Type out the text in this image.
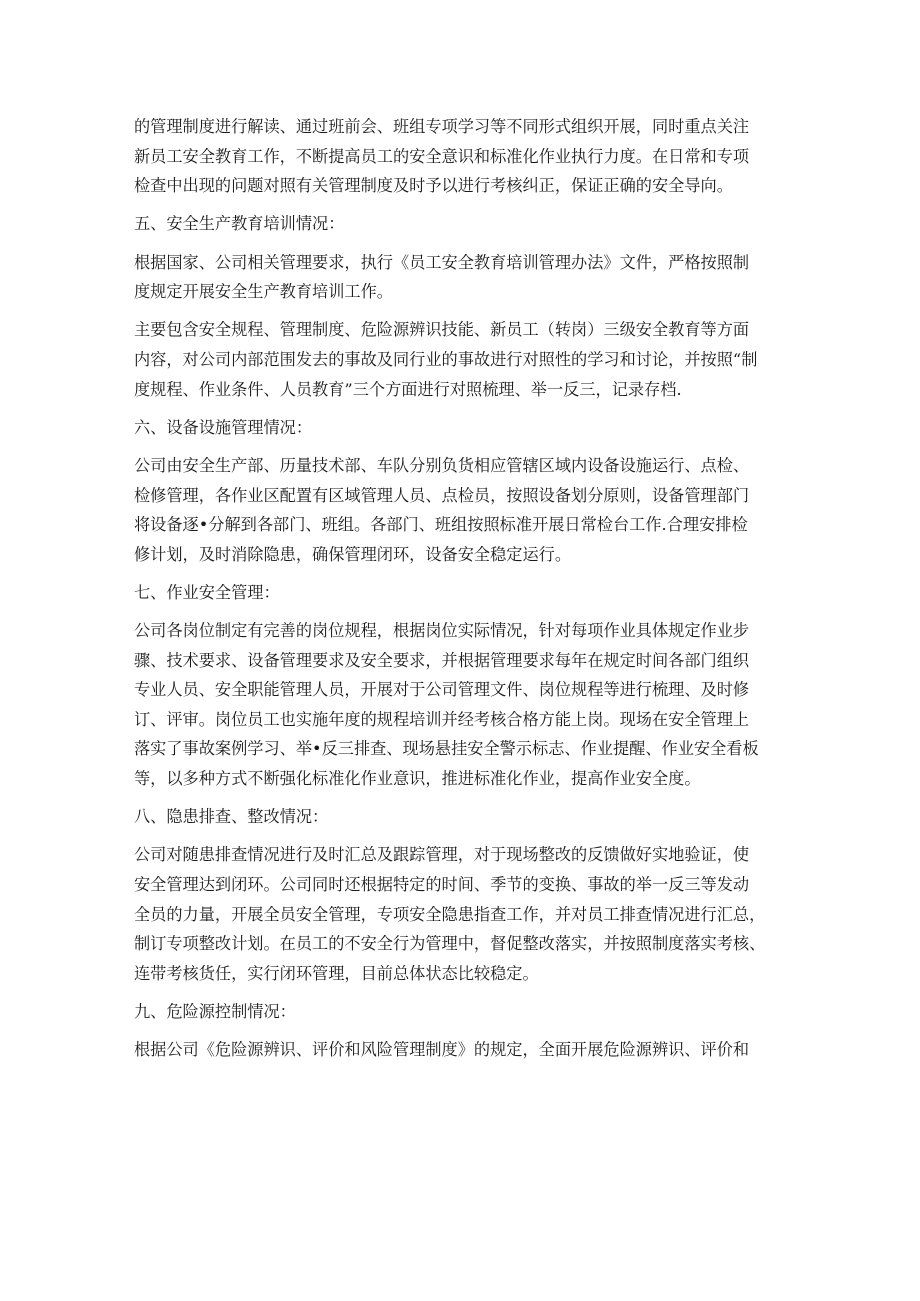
的管理制度进行解读、通过班前会、班组专项学习等不同形式组织开展，同时重点关注
新员工安全教育工作，不断提高员工的安全意识和标准化作业执行力度。在日常和专项
检查中出现的问题对照有关管理制度及时予以进行考核纠正，保证正确的安全导向。
五、安全生产教育培训情况：
根据国家、公司相关管理要求，执行《员工安全教育培训管理办法》文件，严格按照制
度规定开展安全生产教育培训工作。
主要包含安全规程、管理制度、危险源辨识技能、新员工（转岗）三级安全教育等方面
内容，对公司内部范围发去的事故及同行业的事故进行对照性的学习和讨论，并按照“制
度规程、作业条件、人员教育”三个方面进行对照梳理、举一反三，记录存档.
六、设备设施管理情况：
公司由安全生产部、历量技术部、车队分别负货相应管辖区域内设备设施运行、点检、
检修管理，各作业区配置有区域管理人员、点检员，按照设备划分原则，设备管理部门
将设备逐•分解到各部门、班组。各部门、班组按照标准开展日常检台工作.合理安排检
修计划，及时消除隐患，确保管理闭环，设备安全稳定运行。
七、作业安全管理：
公司各岗位制定有完善的岗位规程，根据岗位实际情况，针对每项作业具体规定作业步
骤、技术要求、设备管理要求及安全要求，并根据管理要求每年在规定时间各部门组织
专业人员、安全职能管理人员，开展对于公司管理文件、岗位规程等进行梳理、及时修
订、评审。岗位员工也实施年度的规程培训并经考核合格方能上岗。现场在安全管理上
落实了事故案例学习、举•反三排查、现场悬挂安全警示标志、作业提醒、作业安全看板
等，以多种方式不断强化标准化作业意识，推进标准化作业，提高作业安全度。
八、隐患排查、整改情况：
公司对随患排查情况进行及时汇总及跟踪管理，对于现场整改的反馈做好实地验证，使
安全管理达到闭环。公司同时还根据特定的时间、季节的变换、事故的举一反三等发动
全员的力量，开展全员安全管理，专项安全隐患指查工作，并对员工排查情况进行汇总，
制订专项整改计划。在员工的不安全行为管理中，督促整改落实，并按照制度落实考核、
连带考核货任，实行闭环管理，目前总体状态比较稳定。
九、危险源控制情况：
根据公司《危险源辨识、评价和风险管理制度》的规定，全面开展危险源辨识、评价和
